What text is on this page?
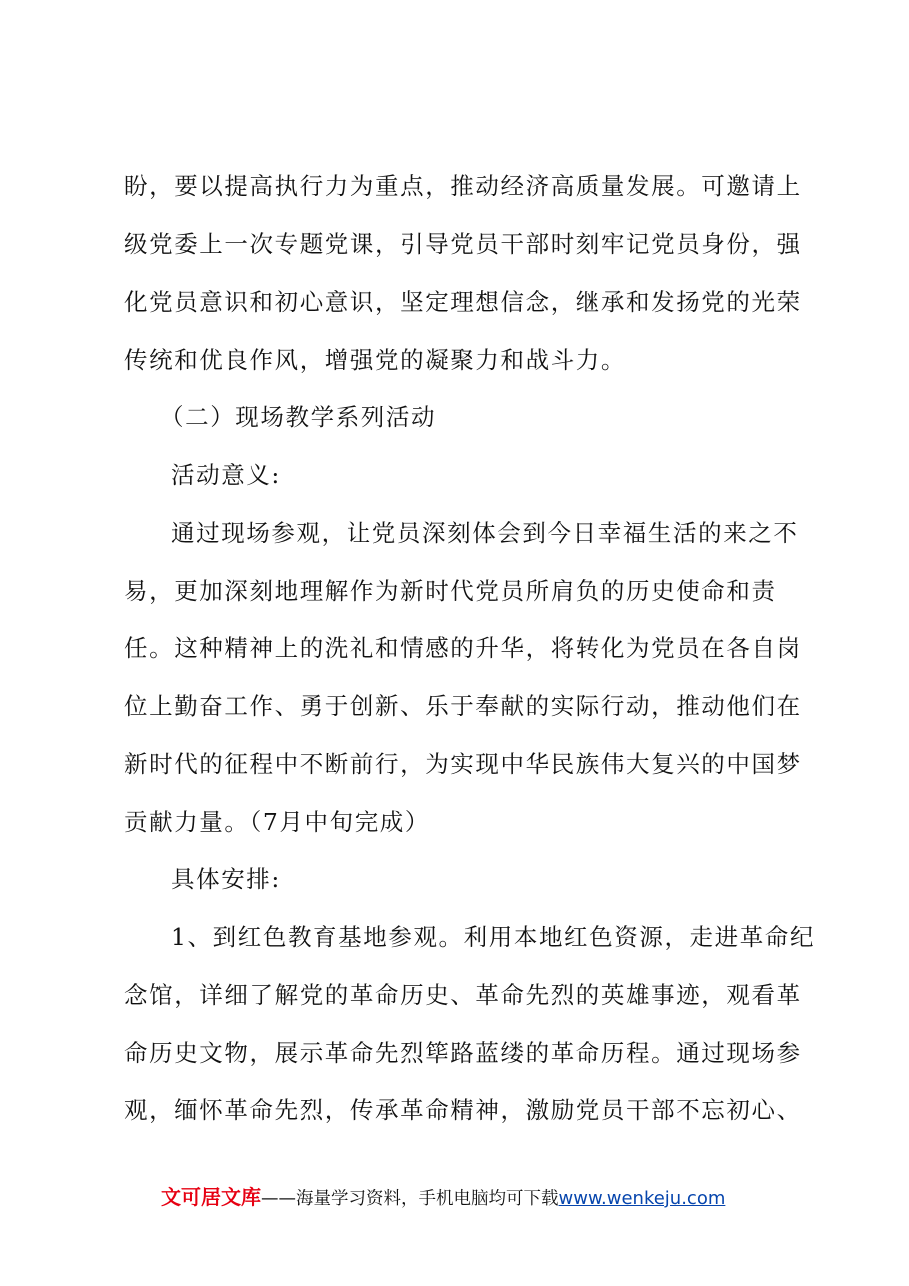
盼，要以提高执行力为重点，推动经济高质量发展。可邀请上
级党委上一次专题党课，引导党员干部时刻牢记党员身份，强
化党员意识和初心意识，坚定理想信念，继承和发扬党的光荣
传统和优良作风，增强党的凝聚力和战斗力。
（二）现场教学系列活动
活动意义:
通过现场参观，让党员深刻体会到今日幸福生活的来之不
易，更加深刻地理解作为新时代党员所肩负的历史使命和责
任。这种精神上的洗礼和情感的升华，将转化为党员在各自岗
位上勤奋工作、勇于创新、乐于奉献的实际行动，推动他们在
新时代的征程中不断前行，为实现中华民族伟大复兴的中国梦
贡献力量。（7月中旬完成）
具体安排:
1、到红色教育基地参观。利用本地红色资源，走进革命纪
念馆，详细了解党的革命历史、革命先烈的英雄事迹，观看革
命历史文物，展示革命先烈筚路蓝缕的革命历程。通过现场参
观，缅怀革命先烈，传承革命精神，激励党员干部不忘初心、
文可居文库——海量学习资料，手机电脑均可下载www.wenkeju.com
